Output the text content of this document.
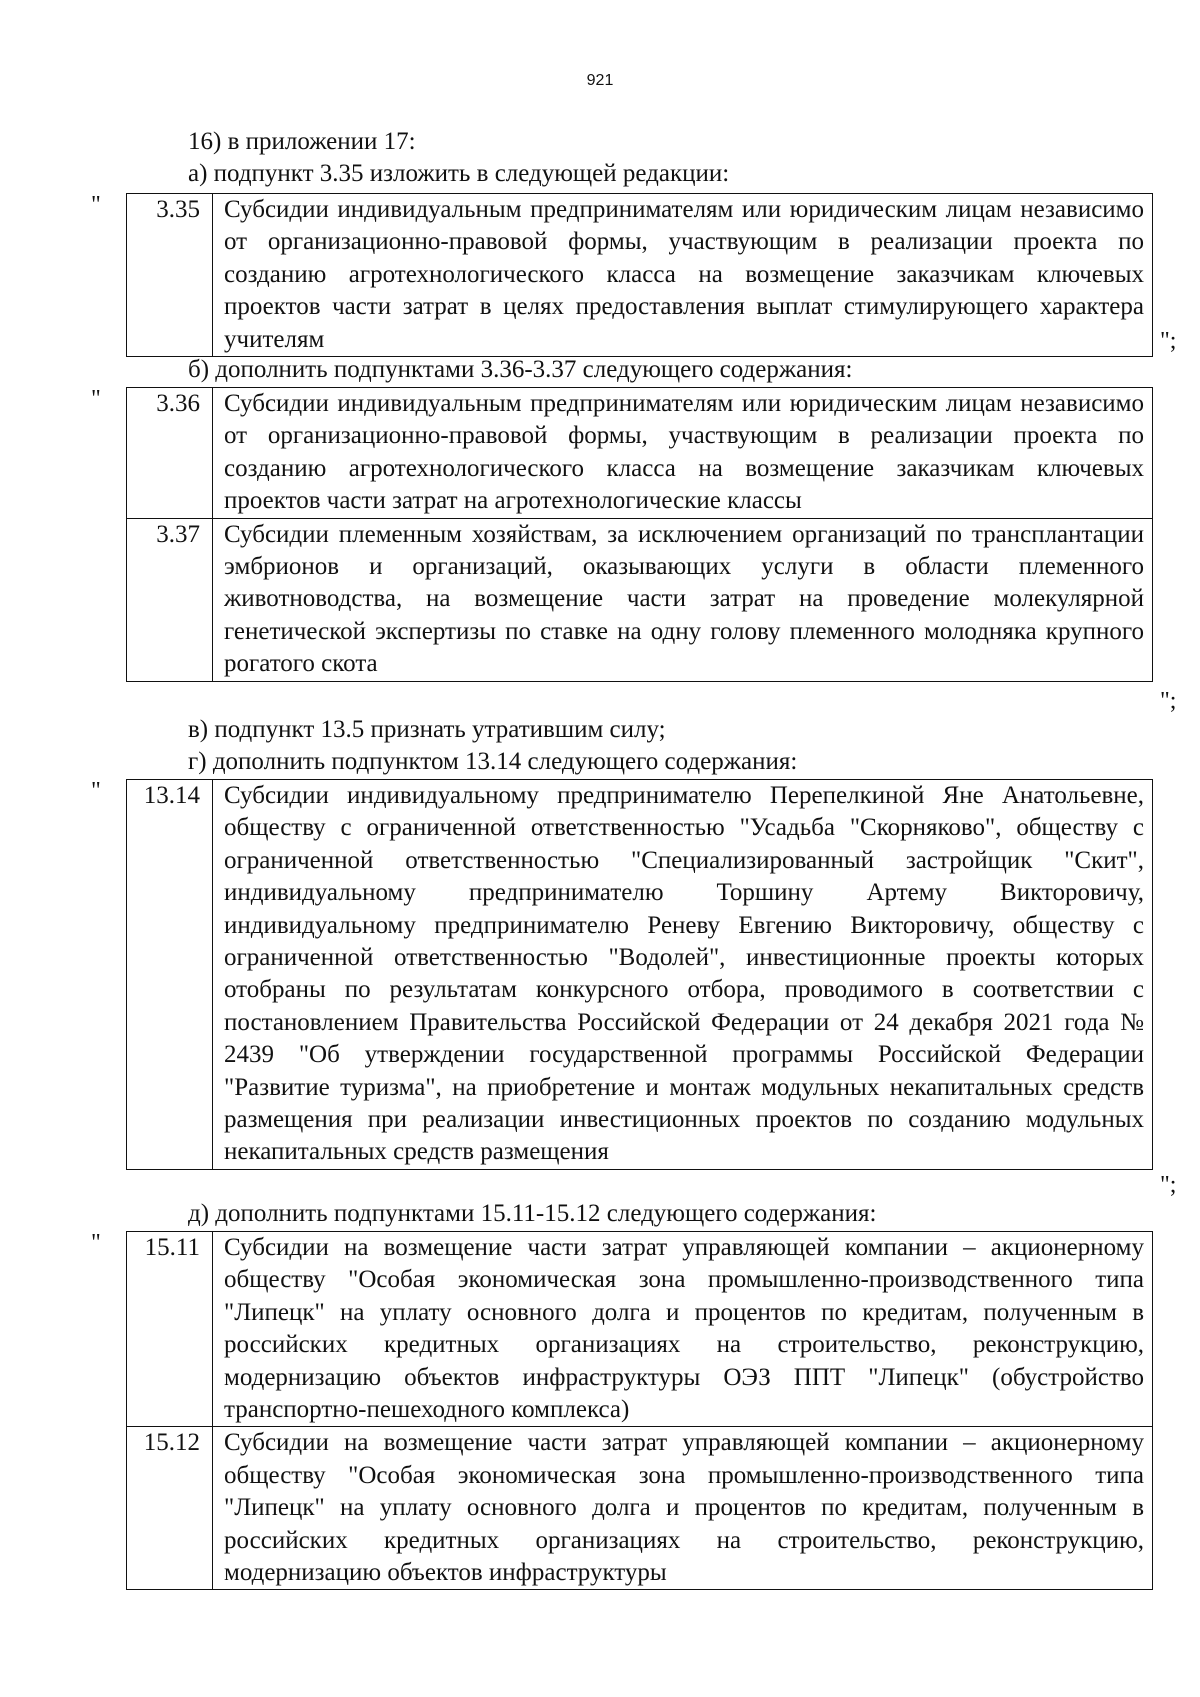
921
16) в приложении 17:
а) подпункт 3.35 изложить в следующей редакции:
" 3.35	Субсидии индивидуальным предпринимателям или юридическим лицам независимо от организационно-правовой формы, участвующим в реализации проекта по созданию агротехнологического класса на возмещение заказчикам ключевых проектов части затрат в целях предоставления выплат стимулирующего характера учителям	";
б) дополнить подпунктами 3.36-3.37 следующего содержания:
" 3.36	Субсидии индивидуальным предпринимателям или юридическим лицам независимо от организационно-правовой формы, участвующим в реализации проекта по созданию агротехнологического класса на возмещение заказчикам ключевых проектов части затрат на агротехнологические классы
3.37	Субсидии племенным хозяйствам, за исключением организаций по трансплантации эмбрионов и организаций, оказывающих услуги в области племенного животноводства, на возмещение части затрат на проведение молекулярной генетической экспертизы по ставке на одну голову племенного молодняка крупного рогатого скота
";
в) подпункт 13.5 признать утратившим силу;
г) дополнить подпунктом 13.14 следующего содержания:
" 13.14	Субсидии индивидуальному предпринимателю Перепелкиной Яне Анатольевне, обществу с ограниченной ответственностью "Усадьба "Скорняково", обществу с ограниченной ответственностью "Специализированный застройщик "Скит", индивидуальному предпринимателю Торшину Артему Викторовичу, индивидуальному предпринимателю Реневу Евгению Викторовичу, обществу с ограниченной ответственностью "Водолей", инвестиционные проекты которых отобраны по результатам конкурсного отбора, проводимого в соответствии с постановлением Правительства Российской Федерации от 24 декабря 2021 года № 2439 "Об утверждении государственной программы Российской Федерации "Развитие туризма", на приобретение и монтаж модульных некапитальных средств размещения при реализации инвестиционных проектов по созданию модульных некапитальных средств размещения
";
д) дополнить подпунктами 15.11-15.12 следующего содержания:
" 15.11	Субсидии на возмещение части затрат управляющей компании – акционерному обществу "Особая экономическая зона промышленно-производственного типа "Липецк" на уплату основного долга и процентов по кредитам, полученным в российских кредитных организациях на строительство, реконструкцию, модернизацию объектов инфраструктуры ОЭЗ ППТ "Липецк" (обустройство транспортно-пешеходного комплекса)
15.12	Субсидии на возмещение части затрат управляющей компании – акционерному обществу "Особая экономическая зона промышленно-производственного типа "Липецк" на уплату основного долга и процентов по кредитам, полученным в российских кредитных организациях на строительство, реконструкцию, модернизацию объектов инфраструктуры
